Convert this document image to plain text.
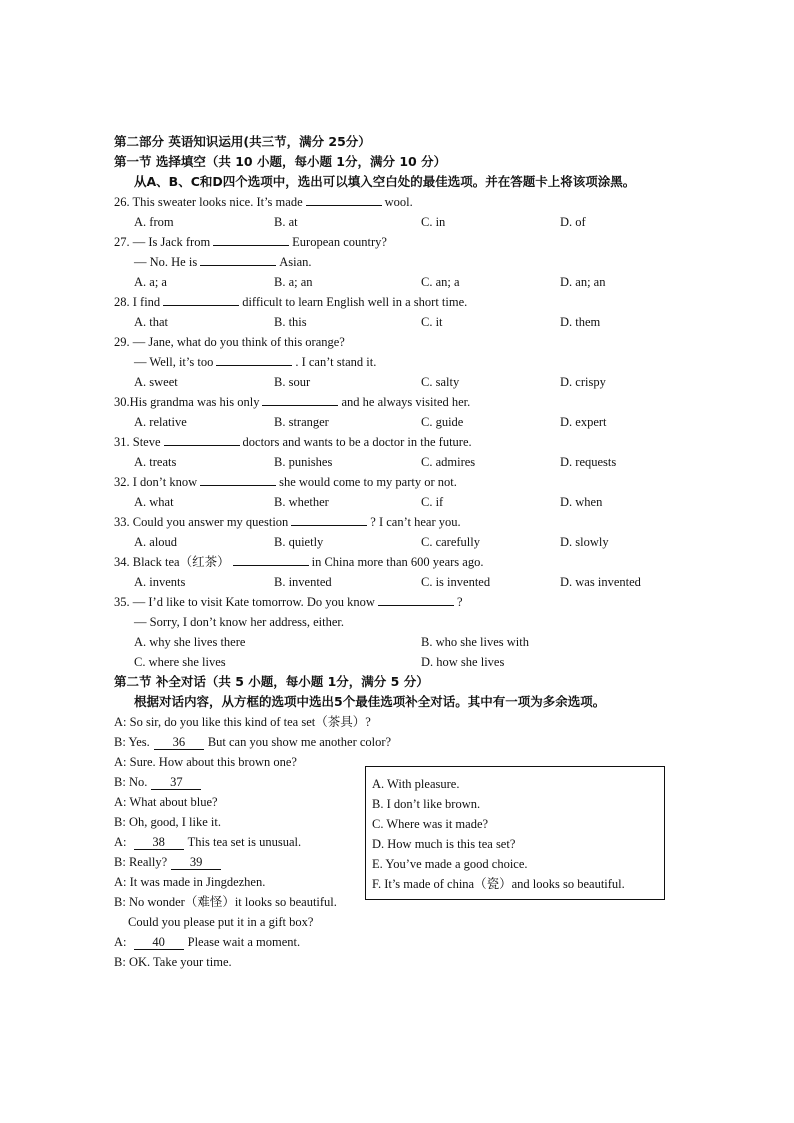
第二部分 英语知识运用(共三节，满分 25分）
第一节 选择填空（共 10 小题，每小题 1分，满分 10 分）
从A、B、C和D四个选项中，选出可以填入空白处的最佳选项。并在答题卡上将该项涂黑。
26. This sweater looks nice. It’s made	wool.
A. from	B. at	C. in	D. of
27. — Is Jack from	European country?
— No. He is	Asian.
A. a; a	B. a; an	C. an; a	D. an; an
28. I find	difficult to learn English well in a short time.
A. that	B. this	C. it	D. them
29. — Jane, what do you think of this orange?
— Well, it’s too	. I can’t stand it.
A. sweet	B. sour	C. salty	D. crispy
30.His grandma was his only	and he always visited her.
A. relative	B. stranger	C. guide	D. expert
31. Steve	doctors and wants to be a doctor in the future.
A. treats	B. punishes	C. admires	D. requests
32. I don’t know	she would come to my party or not.
A. what	B. whether	C. if	D. when
33. Could you answer my question	? I can’t hear you.
A. aloud	B. quietly	C. carefully	D. slowly
34. Black tea（红茶）	in China more than 600 years ago.
A. invents	B. invented	C. is invented	D. was invented
35. — I’d like to visit Kate tomorrow. Do you know	?
— Sorry, I don’t know her address, either.
A. why she lives there	B. who she lives with
C. where she lives	D. how she lives
第二节 补全对话（共 5 小题，每小题 1分，满分 5 分）
根据对话内容，从方框的选项中选出5个最佳选项补全对话。其中有一项为多余选项。
A: So sir, do you like this kind of tea set（茶具）?
B: Yes. 36 But can you show me another color?
A: Sure. How about this brown one?
B: No. 37
A: What about blue?
B: Oh, good, I like it.
A: 38 This tea set is unusual.
B: Really? 39
A: It was made in Jingdezhen.
B: No wonder（难怪）it looks so beautiful.
Could you please put it in a gift box?
A: 40 Please wait a moment.
B: OK. Take your time.
A. With pleasure.
B. I don’t like brown.
C. Where was it made?
D. How much is this tea set?
E. You’ve made a good choice.
F. It’s made of china（瓷）and looks so beautiful.
